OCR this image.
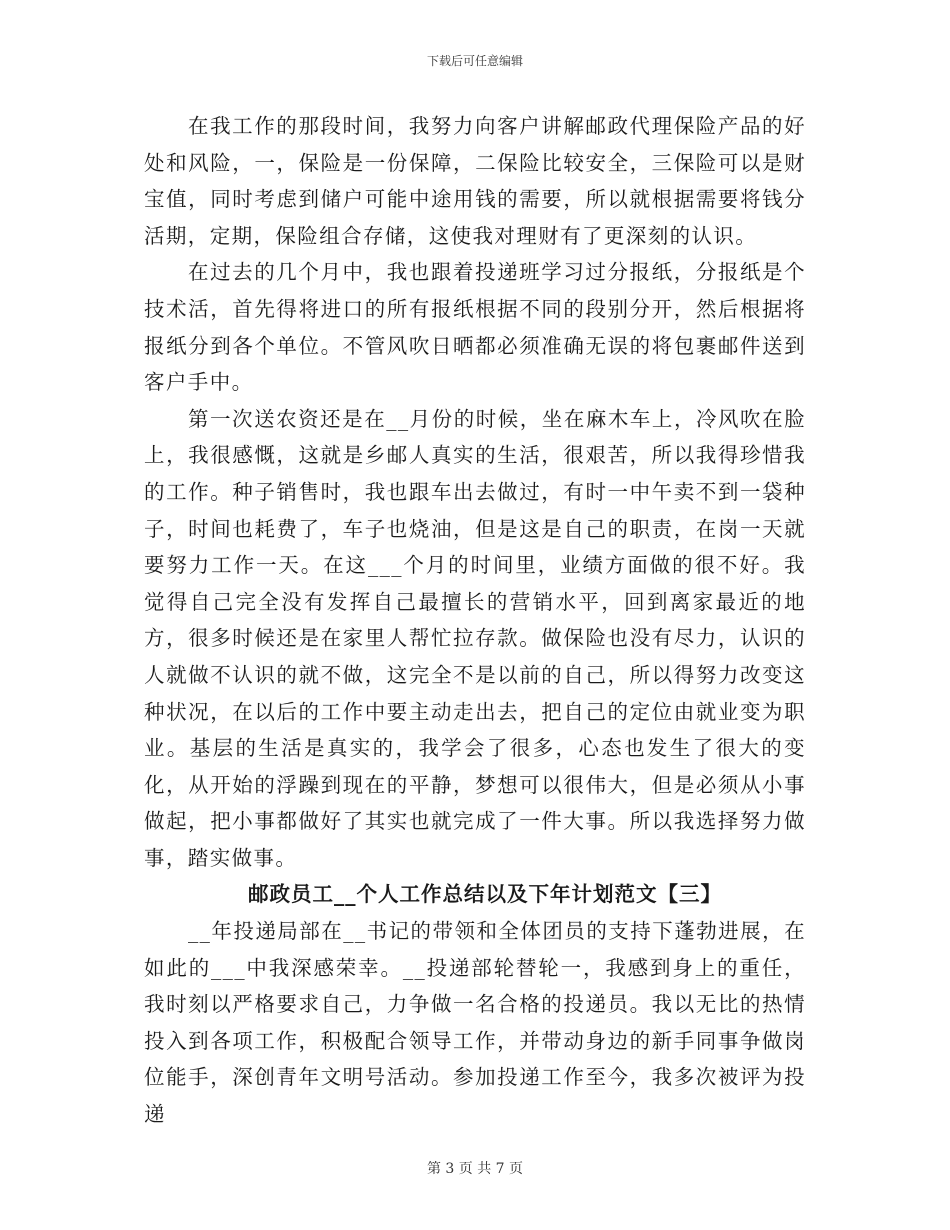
下载后可任意编辑

在我工作的那段时间，我努力向客户讲解邮政代理保险产品的好处和风险，一，保险是一份保障，二保险比较安全，三保险可以是财宝值，同时考虑到储户可能中途用钱的需要，所以就根据需要将钱分活期，定期，保险组合存储，这使我对理财有了更深刻的认识。

在过去的几个月中，我也跟着投递班学习过分报纸，分报纸是个技术活，首先得将进口的所有报纸根据不同的段别分开，然后根据将报纸分到各个单位。不管风吹日晒都必须准确无误的将包裹邮件送到客户手中。

第一次送农资还是在__月份的时候，坐在麻木车上，冷风吹在脸上，我很感慨，这就是乡邮人真实的生活，很艰苦，所以我得珍惜我的工作。种子销售时，我也跟车出去做过，有时一中午卖不到一袋种子，时间也耗费了，车子也烧油，但是这是自己的职责，在岗一天就要努力工作一天。在这___个月的时间里，业绩方面做的很不好。我觉得自己完全没有发挥自己最擅长的营销水平，回到离家最近的地方，很多时候还是在家里人帮忙拉存款。做保险也没有尽力，认识的人就做不认识的就不做，这完全不是以前的自己，所以得努力改变这种状况，在以后的工作中要主动走出去，把自己的定位由就业变为职业。基层的生活是真实的，我学会了很多，心态也发生了很大的变化，从开始的浮躁到现在的平静，梦想可以很伟大，但是必须从小事做起，把小事都做好了其实也就完成了一件大事。所以我选择努力做事，踏实做事。

邮政员工__个人工作总结以及下年计划范文【三】

__年投递局部在__书记的带领和全体团员的支持下蓬勃进展，在如此的___中我深感荣幸。__投递部轮替轮一，我感到身上的重任，我时刻以严格要求自己，力争做一名合格的投递员。我以无比的热情投入到各项工作，积极配合领导工作，并带动身边的新手同事争做岗位能手，深创青年文明号活动。参加投递工作至今，我多次被评为投递

第 3 页 共 7 页
